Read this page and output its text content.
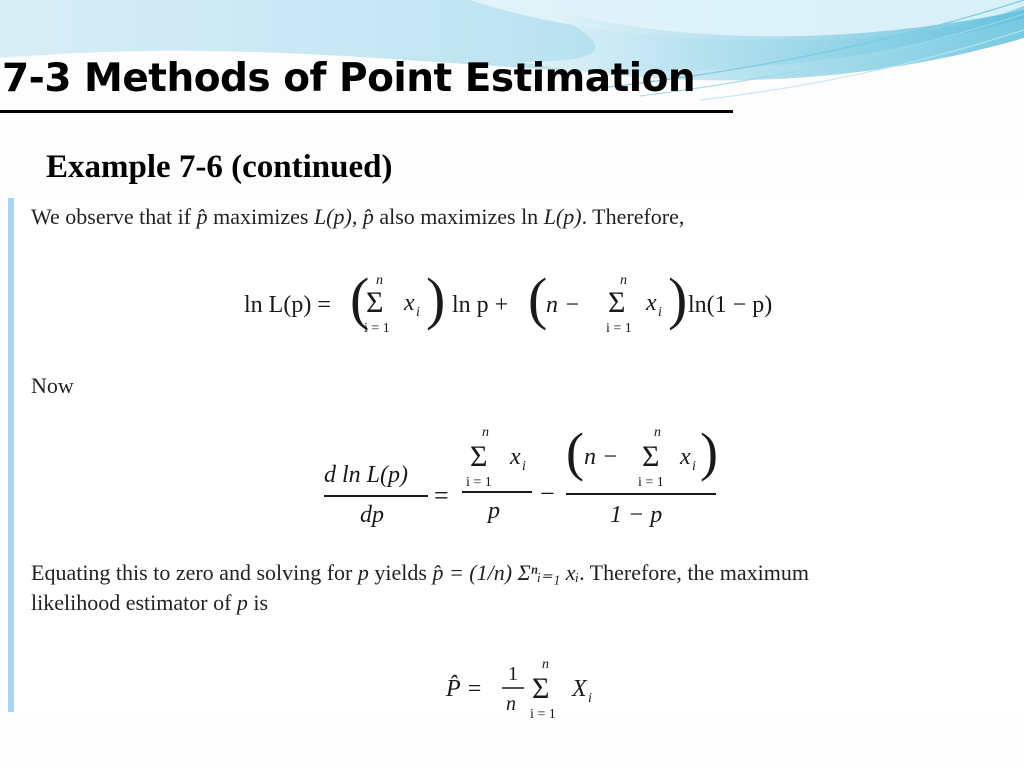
7-3 Methods of Point Estimation
Example 7-6 (continued)

We observe that if p̂ maximizes L(p), p̂ also maximizes ln L(p). Therefore,

ln L(p) = ( n
Σ
i = 1
x i ) ln p + (
n −
n
Σ
i = 1
x i ) ln(1 − p)

Now

d ln L(p)
dp
=
n
Σ
i = 1
x i
p
−
( n −
n
Σ
i = 1
x i )
1 − p

Equating this to zero and solving for p yields p̂ = (1/n) Σⁿᵢ₌₁ xᵢ. Therefore, the maximum

likelihood estimator of p is

P̂ =
1
n
n
Σ
i = 1
X i
